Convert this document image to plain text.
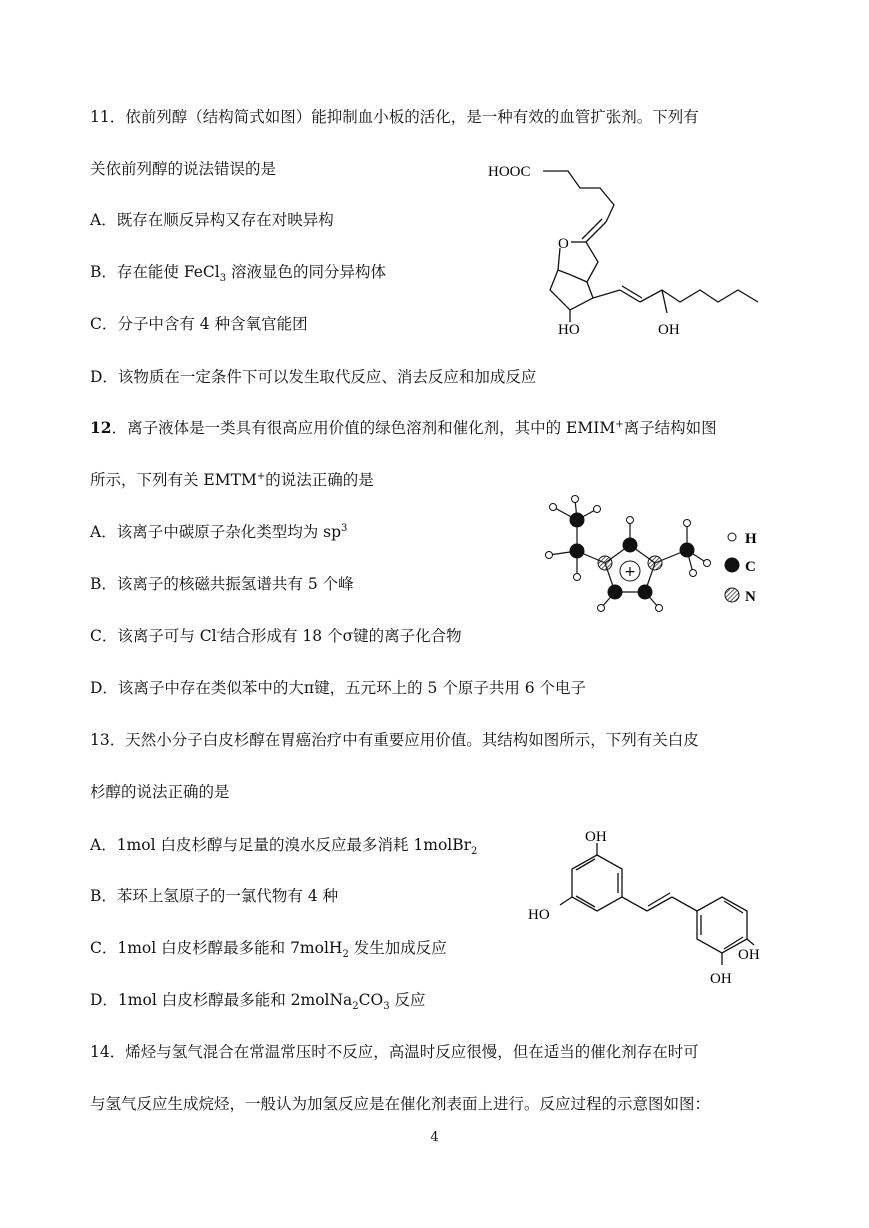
11．依前列醇（结构简式如图）能抑制血小板的活化，是一种有效的血管扩张剂。下列有
关依前列醇的说法错误的是
A．既存在顺反异构又存在对映异构
B．存在能使 FeCl$_3$ 溶液显色的同分异构体
C．分子中含有 4 种含氧官能团
D．该物质在一定条件下可以发生取代反应、消去反应和加成反应
HOOC
O
HO	OH
12．离子液体是一类具有很高应用价值的绿色溶剂和催化剂，其中的 EMIM+离子结构如图
所示，下列有关 EMTM+的说法正确的是
A．该离子中碳原子杂化类型均为 $sp^3$
B．该离子的核磁共振氢谱共有 5 个峰
C．该离子可与 Cl-结合形成有 18 个σ键的离子化合物
D．该离子中存在类似苯中的大π键，五元环上的 5 个原子共用 6 个电子
+
H
C
N
13．天然小分子白皮杉醇在胃癌治疗中有重要应用价值。其结构如图所示，下列有关白皮
杉醇的说法正确的是
A．1mol 白皮杉醇与足量的溴水反应最多消耗 1molBr$_2$
B．苯环上氢原子的一氯代物有 4 种
C．1mol 白皮杉醇最多能和 7molH$_2$ 发生加成反应
D．1mol 白皮杉醇最多能和 $2molNa_2CO_3$ 反应
OH
HO
OH
OH
14．烯烃与氢气混合在常温常压时不反应，高温时反应很慢，但在适当的催化剂存在时可
与氢气反应生成烷烃，一般认为加氢反应是在催化剂表面上进行。反应过程的示意图如图：
4
